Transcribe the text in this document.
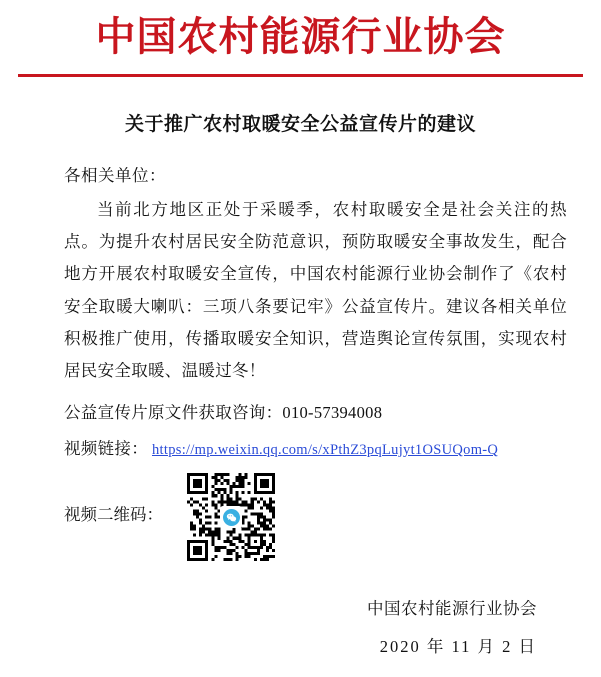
中国农村能源行业协会
关于推广农村取暖安全公益宣传片的建议
各相关单位：
当前北方地区正处于采暖季，农村取暖安全是社会关注的热点。为提升农村居民安全防范意识，预防取暖安全事故发生，配合地方开展农村取暖安全宣传，中国农村能源行业协会制作了《农村安全取暖大喇叭：三项八条要记牢》公益宣传片。建议各相关单位积极推广使用，传播取暖安全知识，营造舆论宣传氛围，实现农村居民安全取暖、温暖过冬！
公益宣传片原文件获取咨询：010-57394008
视频链接： https://mp.weixin.qq.com/s/xPthZ3pqLujyt1OSUQom-Q
视频二维码：
中国农村能源行业协会
2020 年 11 月 2 日
